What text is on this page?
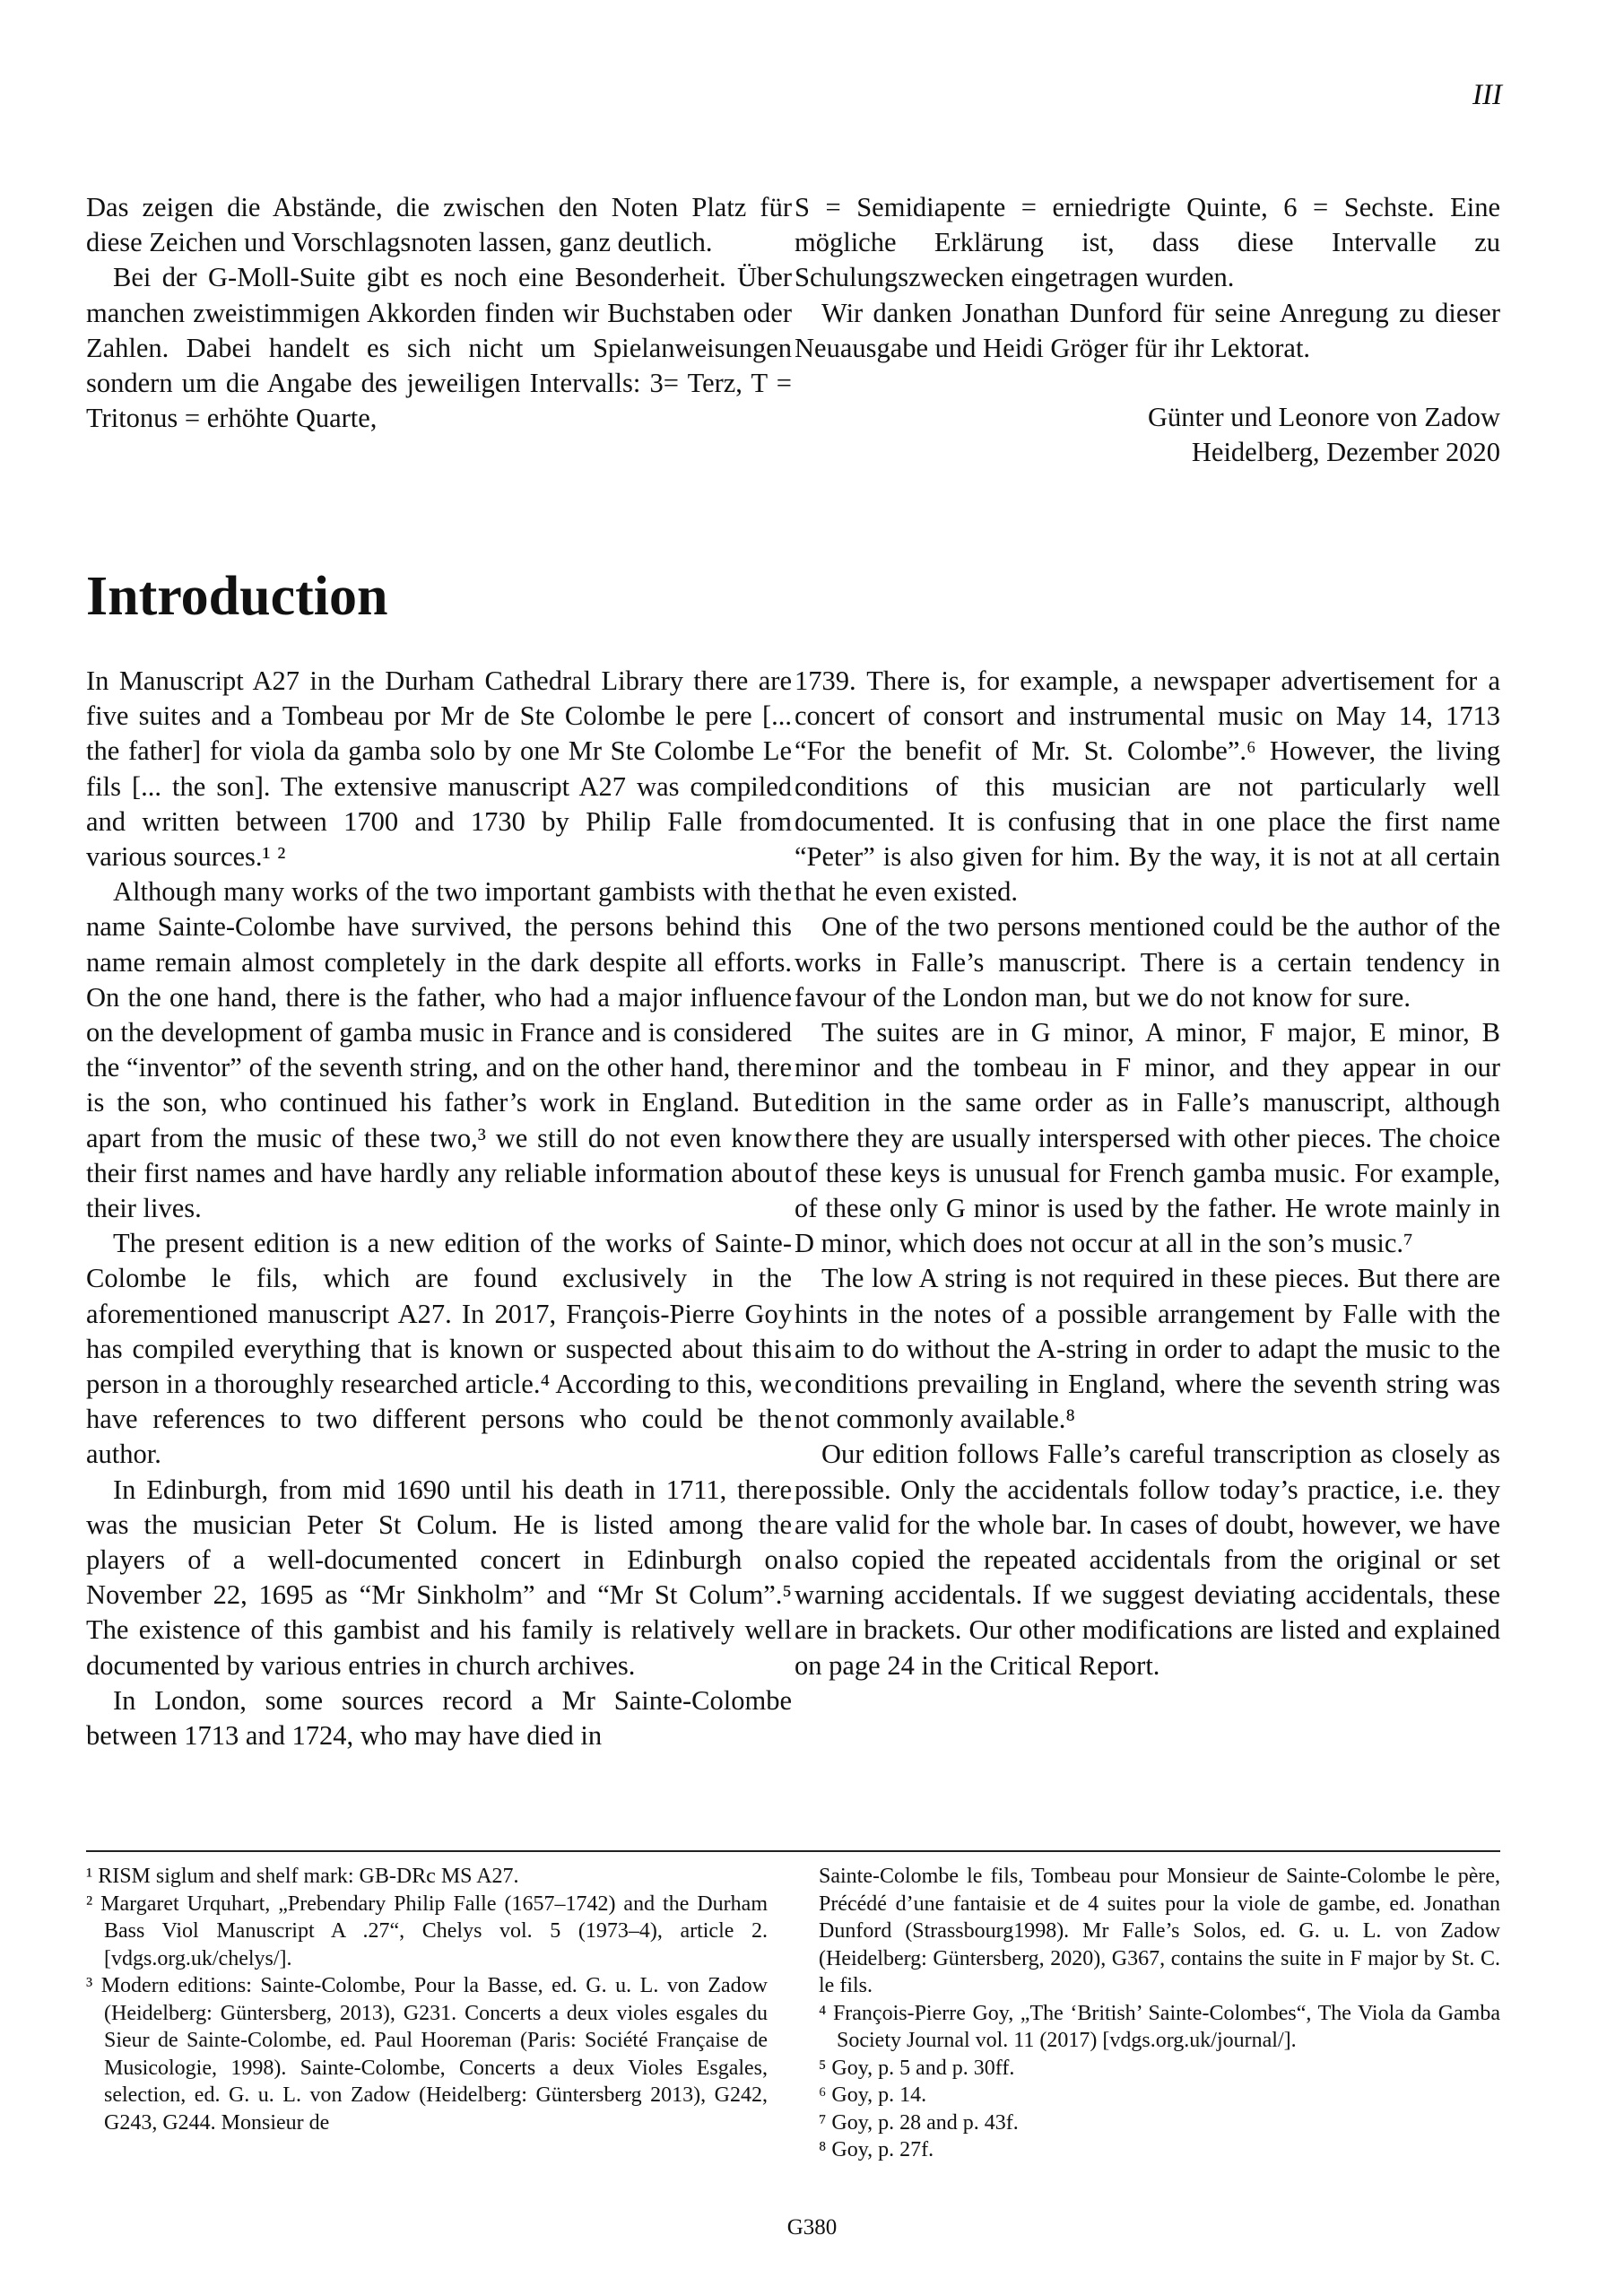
III

Das zeigen die Abstände, die zwischen den Noten Platz für diese Zeichen und Vorschlagsnoten lassen, ganz deutlich.

Bei der G-Moll-Suite gibt es noch eine Besonderheit. Über manchen zweistimmigen Akkorden finden wir Buchstaben oder Zahlen. Dabei handelt es sich nicht um Spielanweisungen sondern um die Angabe des jeweiligen Intervalls: 3= Terz, T = Tritonus = erhöhte Quarte,

S = Semidiapente = erniedrigte Quinte, 6 = Sechste. Eine mögliche Erklärung ist, dass diese Intervalle zu Schulungszwecken eingetragen wurden.

Wir danken Jonathan Dunford für seine Anregung zu dieser Neuausgabe und Heidi Gröger für ihr Lektorat.

Günter und Leonore von Zadow
Heidelberg, Dezember 2020
Introduction

In Manuscript A27 in the Durham Cathedral Library there are five suites and a Tombeau por Mr de Ste Colombe le pere [... the father] for viola da gamba solo by one Mr Ste Colombe Le fils [... the son]. The extensive manuscript A27 was compiled and written between 1700 and 1730 by Philip Falle from various sources.¹ ²

Although many works of the two important gambists with the name Sainte-Colombe have survived, the persons behind this name remain almost completely in the dark despite all efforts. On the one hand, there is the father, who had a major influence on the development of gamba music in France and is considered the “inventor” of the seventh string, and on the other hand, there is the son, who continued his father’s work in England. But apart from the music of these two,³ we still do not even know their first names and have hardly any reliable information about their lives.

The present edition is a new edition of the works of Sainte-Colombe le fils, which are found exclusively in the aforementioned manuscript A27. In 2017, François-Pierre Goy has compiled everything that is known or suspected about this person in a thoroughly researched article.⁴ According to this, we have references to two different persons who could be the author.

In Edinburgh, from mid 1690 until his death in 1711, there was the musician Peter St Colum. He is listed among the players of a well-documented concert in Edinburgh on November 22, 1695 as “Mr Sinkholm” and “Mr St Colum”.⁵ The existence of this gambist and his family is relatively well documented by various entries in church archives.

In London, some sources record a Mr Sainte-Colombe between 1713 and 1724, who may have died in

1739. There is, for example, a newspaper advertisement for a concert of consort and instrumental music on May 14, 1713 “For the benefit of Mr. St. Colombe”.⁶ However, the living conditions of this musician are not particularly well documented. It is confusing that in one place the first name “Peter” is also given for him. By the way, it is not at all certain that he even existed.

One of the two persons mentioned could be the author of the works in Falle’s manuscript. There is a certain tendency in favour of the London man, but we do not know for sure.

The suites are in G minor, A minor, F major, E minor, B minor and the tombeau in F minor, and they appear in our edition in the same order as in Falle’s manuscript, although there they are usually interspersed with other pieces. The choice of these keys is unusual for French gamba music. For example, of these only G minor is used by the father. He wrote mainly in D minor, which does not occur at all in the son’s music.⁷

The low A string is not required in these pieces. But there are hints in the notes of a possible arrangement by Falle with the aim to do without the A-string in order to adapt the music to the conditions prevailing in England, where the seventh string was not commonly available.⁸

Our edition follows Falle’s careful transcription as closely as possible. Only the accidentals follow today’s practice, i.e. they are valid for the whole bar. In cases of doubt, however, we have also copied the repeated accidentals from the original or set warning accidentals. If we suggest deviating accidentals, these are in brackets. Our other modifications are listed and explained on page 24 in the Critical Report.

¹ RISM siglum and shelf mark: GB-DRc MS A27.
² Margaret Urquhart, „Prebendary Philip Falle (1657–1742) and the Durham Bass Viol Manuscript A .27“, Chelys vol. 5 (1973–4), article 2. [vdgs.org.uk/chelys/].
³ Modern editions: Sainte-Colombe, Pour la Basse, ed. G. u. L. von Zadow (Heidelberg: Güntersberg, 2013), G231. Concerts a deux violes esgales du Sieur de Sainte-Colombe, ed. Paul Hooreman (Paris: Société Française de Musicologie, 1998). Sainte-Colombe, Concerts a deux Violes Esgales, selection, ed. G. u. L. von Zadow (Heidelberg: Güntersberg 2013), G242, G243, G244. Monsieur de
Sainte-Colombe le fils, Tombeau pour Monsieur de Sainte-Colombe le père, Précédé d’une fantaisie et de 4 suites pour la viole de gambe, ed. Jonathan Dunford (Strassbourg1998). Mr Falle’s Solos, ed. G. u. L. von Zadow (Heidelberg: Güntersberg, 2020), G367, contains the suite in F major by St. C. le fils.
⁴ François-Pierre Goy, „The ‘British’ Sainte-Colombes“, The Viola da Gamba Society Journal vol. 11 (2017) [vdgs.org.uk/journal/].
⁵ Goy, p. 5 and p. 30ff.
⁶ Goy, p. 14.
⁷ Goy, p. 28 and p. 43f.
⁸ Goy, p. 27f.
G380
